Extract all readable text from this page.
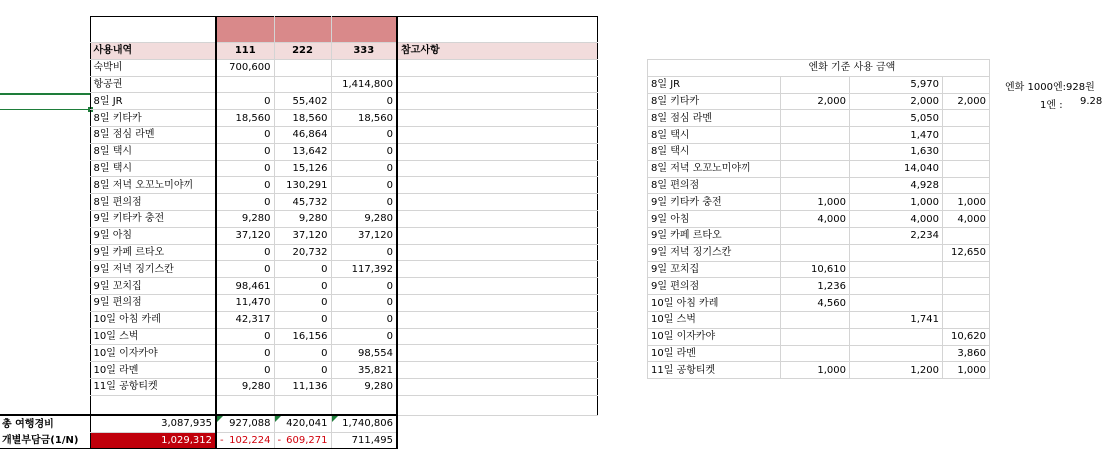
	사용내역	111	222	333	참고사항
	숙박비	700,600			
	항공권			1,414,800	
	8일 JR	0	55,402	0	
	8일 키타카	18,560	18,560	18,560	
	8일 점심 라멘	0	46,864	0	
	8일 택시	0	13,642	0	
	8일 택시	0	15,126	0	
	8일 저녁 오꼬노미야끼	0	130,291	0	
	8일 편의점	0	45,732	0	
	9일 키타카 충전	9,280	9,280	9,280	
	9일 아침	37,120	37,120	37,120	
	9일 카페 르타오	0	20,732	0	
	9일 저녁 징기스칸	0	0	117,392	
	9일 꼬치집	98,461	0	0	
	9일 편의점	11,470	0	0	
	10일 아침 카레	42,317	0	0	
	10일 스벅	0	16,156	0	
	10일 이자카야	0	0	98,554	
	10일 라멘	0	0	35,821	
	11일 공항티켓	9,280	11,136	9,280	

총 여행경비	3,087,935	927,088	420,041	1,740,806	
개별부담금(1/N)	1,029,312	- 102,224	- 609,271	711,495	
	엔화 기준 사용 금액		
8일 JR		5,970	
8일 키타카	2,000	2,000	2,000
8일 점심 라멘		5,050	
8일 택시		1,470	
8일 택시		1,630	
8일 저녁 오꼬노미야끼		14,040	
8일 편의점		4,928	
9일 키타카 충전	1,000	1,000	1,000
9일 아침	4,000	4,000	4,000
9일 카페 르타오		2,234	
9일 저녁 징기스칸			12,650
9일 꼬치집	10,610		
9일 편의점	1,236		
10일 아침 카레	4,560		
10일 스벅		1,741	
10일 이자카야			10,620
10일 라멘			3,860
11일 공항티켓	1,000	1,200	1,000
엔화 1000엔:928원
1엔 : 9.28
